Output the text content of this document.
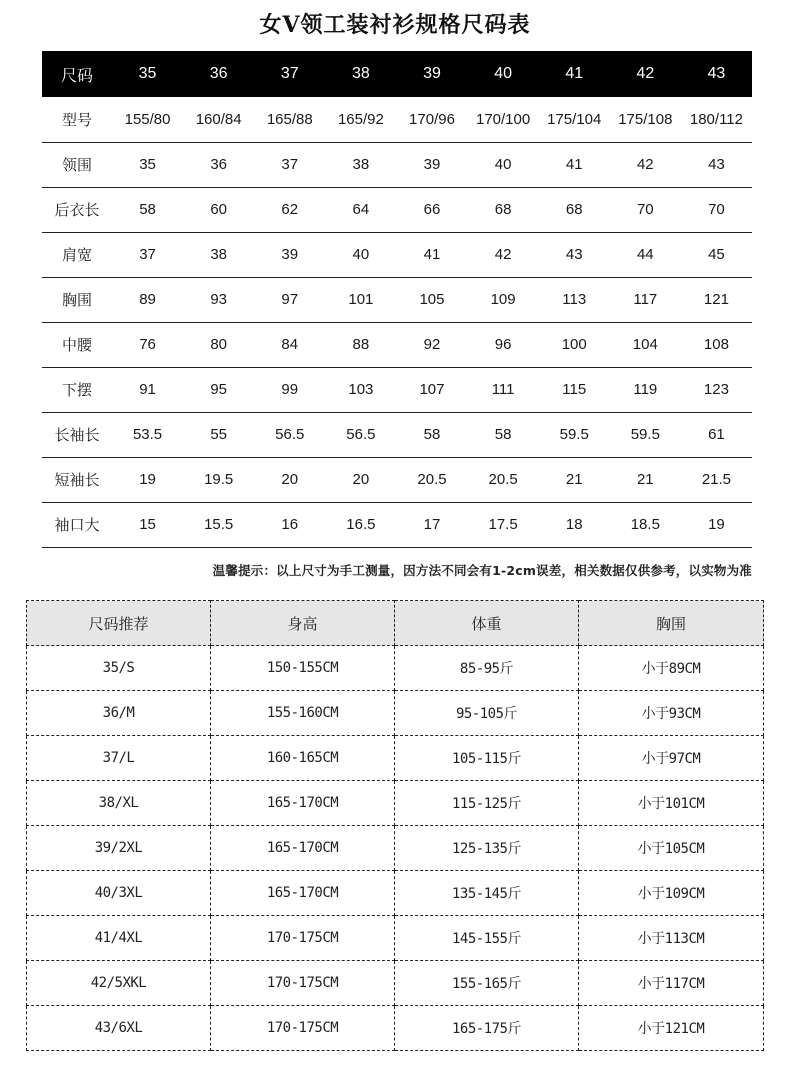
女V领工装衬衫规格尺码表
尺码	35	36	37	38	39	40	41	42	43
型号	155/80	160/84	165/88	165/92	170/96	170/100	175/104	175/108	180/112
领围	35	36	37	38	39	40	41	42	43
后衣长	58	60	62	64	66	68	68	70	70
肩宽	37	38	39	40	41	42	43	44	45
胸围	89	93	97	101	105	109	113	117	121
中腰	76	80	84	88	92	96	100	104	108
下摆	91	95	99	103	107	111	115	119	123
长袖长	53.5	55	56.5	56.5	58	58	59.5	59.5	61
短袖长	19	19.5	20	20	20.5	20.5	21	21	21.5
袖口大	15	15.5	16	16.5	17	17.5	18	18.5	19
温馨提示：以上尺寸为手工测量，因方法不同会有1-2cm误差，相关数据仅供参考，以实物为准
尺码推荐	身高	体重	胸围
35/S	150-155CM	85-95斤	小于89CM
36/M	155-160CM	95-105斤	小于93CM
37/L	160-165CM	105-115斤	小于97CM
38/XL	165-170CM	115-125斤	小于101CM
39/2XL	165-170CM	125-135斤	小于105CM
40/3XL	165-170CM	135-145斤	小于109CM
41/4XL	170-175CM	145-155斤	小于113CM
42/5XKL	170-175CM	155-165斤	小于117CM
43/6XL	170-175CM	165-175斤	小于121CM
